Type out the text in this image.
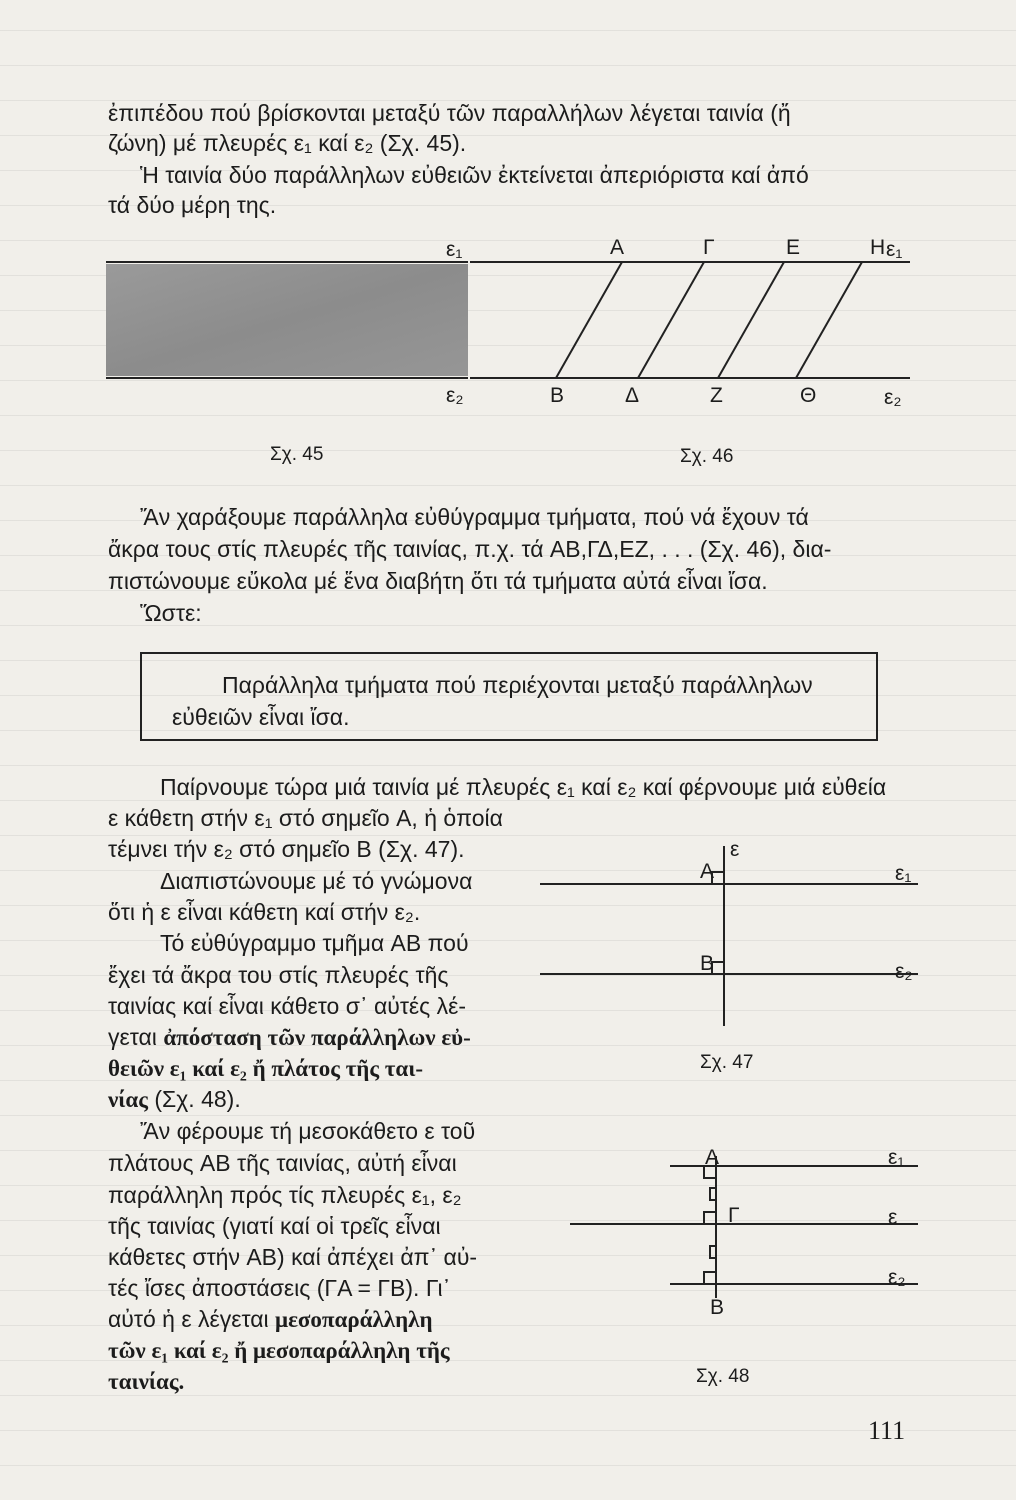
ἐπιπέδου πού βρίσκονται μεταξύ τῶν παραλλήλων λέγεται ταινία (ἤ
ζώνη) μέ πλευρές ε₁ καί ε₂ (Σχ. 45).
Ἡ ταινία δύο παράλληλων εὐθειῶν ἐκτείνεται ἀπεριόριστα καί ἀπό
τά δύο μέρη της.
ε₁
ε₂
Σχ. 45
A	Γ	E	H ε₁
B	Δ	Z	Θ	ε₂
Σχ. 46
Ἄν χαράξουμε παράλληλα εὐθύγραμμα τμήματα, πού νά ἔχουν τά
ἄκρα τους στίς πλευρές τῆς ταινίας, π.χ. τά AB,ΓΔ,EZ, . . . (Σχ. 46), δια-
πιστώνουμε εὔκολα μέ ἕνα διαβήτη ὅτι τά τμήματα αὐτά εἶναι ἴσα.
Ὥστε:
Παράλληλα τμήματα πού περιέχονται μεταξύ παράλληλων
εὐθειῶν εἶναι ἴσα.
Παίρνουμε τώρα μιά ταινία μέ πλευρές ε₁ καί ε₂ καί φέρνουμε μιά εὐθεία
ε κάθετη στήν ε₁ στό σημεῖο A, ἡ ὁποία
τέμνει τήν ε₂ στό σημεῖο B (Σχ. 47).
Διαπιστώνουμε μέ τό γνώμονα
ὅτι ἡ ε εἶναι κάθετη καί στήν ε₂.
Τό εὐθύγραμμο τμῆμα AB πού
ἔχει τά ἄκρα του στίς πλευρές τῆς
ταινίας καί εἶναι κάθετο σ᾽ αὐτές λέ-
γεται ἀπόσταση τῶν παράλληλων εὐ-
θειῶν ε₁ καί ε₂ ἤ πλάτος τῆς ται-
νίας (Σχ. 48).
ε
A	ε₁
B	ε₂
Σχ. 47
Ἄν φέρουμε τή μεσοκάθετο ε τοῦ
πλάτους AB τῆς ταινίας, αὐτή εἶναι
παράλληλη πρός τίς πλευρές ε₁, ε₂
τῆς ταινίας (γιατί καί οἱ τρεῖς εἶναι
κάθετες στήν AB) καί ἀπέχει ἀπ᾽ αὐ-
τές ἴσες ἀποστάσεις (ΓA = ΓB). Γι᾽
αὐτό ἡ ε λέγεται μεσοπαράλληλη
τῶν ε₁ καί ε₂ ἤ μεσοπαράλληλη τῆς
ταινίας.
A	ε₁
Γ	ε
ε₂
B
Σχ. 48
111
